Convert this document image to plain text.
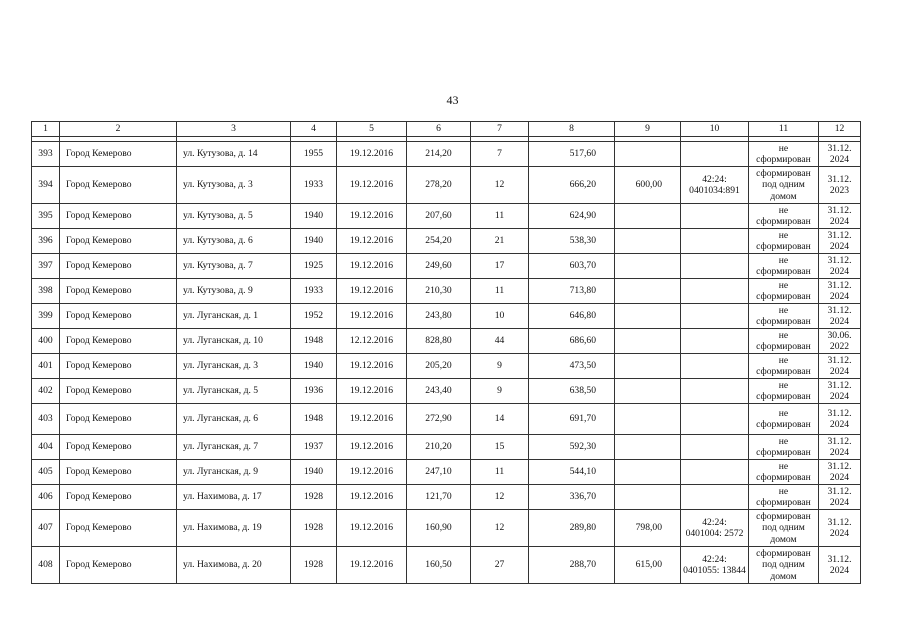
43
1	2	3	4	5	6	7	8	9	10	11	12

393	Город Кемерово	ул. Кутузова, д. 14	1955	19.12.2016	214,20	7	517,60			не сформирован	31.12. 2024
394	Город Кемерово	ул. Кутузова, д. 3	1933	19.12.2016	278,20	12	666,20	600,00	42:24: 0401034:891	сформирован под одним домом	31.12. 2023
395	Город Кемерово	ул. Кутузова, д. 5	1940	19.12.2016	207,60	11	624,90			не сформирован	31.12. 2024
396	Город Кемерово	ул. Кутузова, д. 6	1940	19.12.2016	254,20	21	538,30			не сформирован	31.12. 2024
397	Город Кемерово	ул. Кутузова, д. 7	1925	19.12.2016	249,60	17	603,70			не сформирован	31.12. 2024
398	Город Кемерово	ул. Кутузова, д. 9	1933	19.12.2016	210,30	11	713,80			не сформирован	31.12. 2024
399	Город Кемерово	ул. Луганская, д. 1	1952	19.12.2016	243,80	10	646,80			не сформирован	31.12. 2024
400	Город Кемерово	ул. Луганская, д. 10	1948	12.12.2016	828,80	44	686,60			не сформирован	30.06. 2022
401	Город Кемерово	ул. Луганская, д. 3	1940	19.12.2016	205,20	9	473,50			не сформирован	31.12. 2024
402	Город Кемерово	ул. Луганская, д. 5	1936	19.12.2016	243,40	9	638,50			не сформирован	31.12. 2024
403	Город Кемерово	ул. Луганская, д. 6	1948	19.12.2016	272,90	14	691,70			не сформирован	31.12. 2024
404	Город Кемерово	ул. Луганская, д. 7	1937	19.12.2016	210,20	15	592,30			не сформирован	31.12. 2024
405	Город Кемерово	ул. Луганская, д. 9	1940	19.12.2016	247,10	11	544,10			не сформирован	31.12. 2024
406	Город Кемерово	ул. Нахимова, д. 17	1928	19.12.2016	121,70	12	336,70			не сформирован	31.12. 2024
407	Город Кемерово	ул. Нахимова, д. 19	1928	19.12.2016	160,90	12	289,80	798,00	42:24: 0401004: 2572	сформирован под одним домом	31.12. 2024
408	Город Кемерово	ул. Нахимова, д. 20	1928	19.12.2016	160,50	27	288,70	615,00	42:24: 0401055: 13844	сформирован под одним домом	31.12. 2024
